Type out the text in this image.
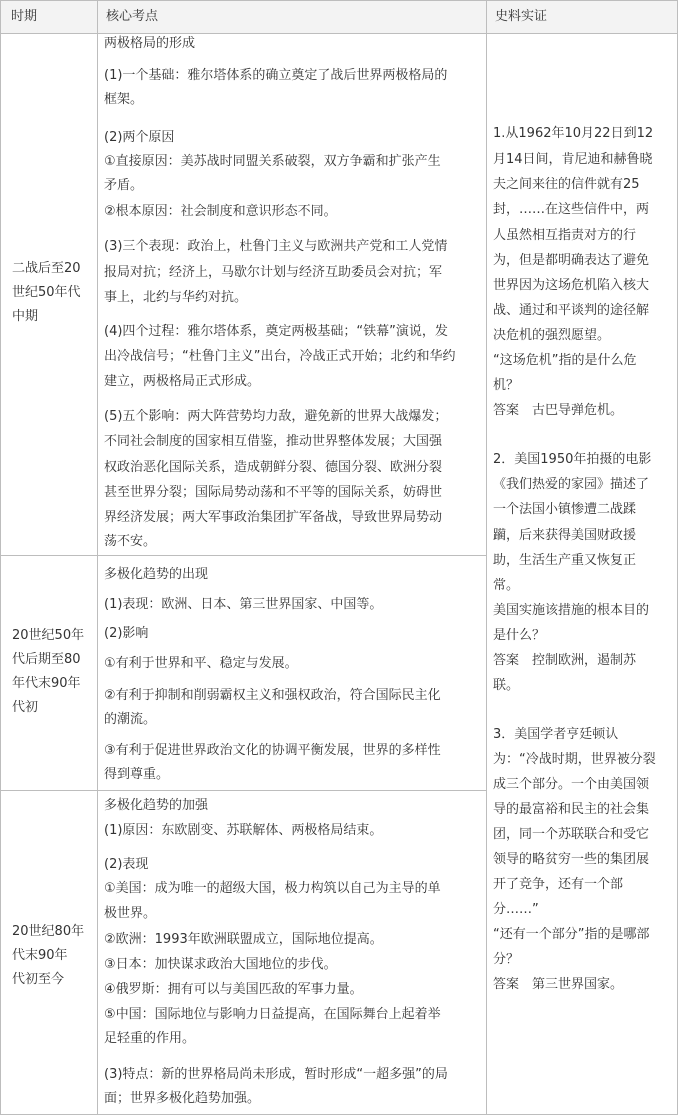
时期	核心考点	史料实证
二战后至20
世纪50年代
中期
两极格局的形成
(1)一个基础：雅尔塔体系的确立奠定了战后世界两极格局的
框架。
(2)两个原因
①直接原因：美苏战时同盟关系破裂，双方争霸和扩张产生
矛盾。
②根本原因：社会制度和意识形态不同。
(3)三个表现：政治上，杜鲁门主义与欧洲共产党和工人党情
报局对抗；经济上，马歇尔计划与经济互助委员会对抗；军
事上，北约与华约对抗。
(4)四个过程：雅尔塔体系，奠定两极基础；“铁幕”演说，发
出冷战信号；“杜鲁门主义”出台，冷战正式开始；北约和华约
建立，两极格局正式形成。
(5)五个影响：两大阵营势均力敌，避免新的世界大战爆发；
不同社会制度的国家相互借鉴，推动世界整体发展；大国强
权政治恶化国际关系，造成朝鲜分裂、德国分裂、欧洲分裂
甚至世界分裂；国际局势动荡和不平等的国际关系，妨碍世
界经济发展；两大军事政治集团扩军备战，导致世界局势动
荡不安。
20世纪50年
代后期至80
年代末90年
代初
多极化趋势的出现
(1)表现：欧洲、日本、第三世界国家、中国等。
(2)影响
①有利于世界和平、稳定与发展。
②有利于抑制和削弱霸权主义和强权政治，符合国际民主化
的潮流。
③有利于促进世界政治文化的协调平衡发展，世界的多样性
得到尊重。
20世纪80年
代末90年
代初至今
多极化趋势的加强
(1)原因：东欧剧变、苏联解体、两极格局结束。
(2)表现
①美国：成为唯一的超级大国，极力构筑以自己为主导的单
极世界。
②欧洲：1993年欧洲联盟成立，国际地位提高。
③日本：加快谋求政治大国地位的步伐。
④俄罗斯：拥有可以与美国匹敌的军事力量。
⑤中国：国际地位与影响力日益提高，在国际舞台上起着举
足轻重的作用。
(3)特点：新的世界格局尚未形成，暂时形成“一超多强”的局
面；世界多极化趋势加强。
1.从1962年10月22日到12
月14日间，肯尼迪和赫鲁晓
夫之间来往的信件就有25
封，……在这些信件中，两
人虽然相互指责对方的行
为，但是都明确表达了避免
世界因为这场危机陷入核大
战、通过和平谈判的途径解
决危机的强烈愿望。
“这场危机”指的是什么危
机？
答案　古巴导弹危机。
2．美国1950年拍摄的电影
《我们热爱的家园》描述了
一个法国小镇惨遭二战蹂
躏，后来获得美国财政援
助，生活生产重又恢复正
常。
美国实施该措施的根本目的
是什么？
答案　控制欧洲，遏制苏
联。
3．美国学者亨廷顿认
为：“冷战时期，世界被分裂
成三个部分。一个由美国领
导的最富裕和民主的社会集
团，同一个苏联联合和受它
领导的略贫穷一些的集团展
开了竞争，还有一个部
分……”
“还有一个部分”指的是哪部
分？
答案　第三世界国家。
